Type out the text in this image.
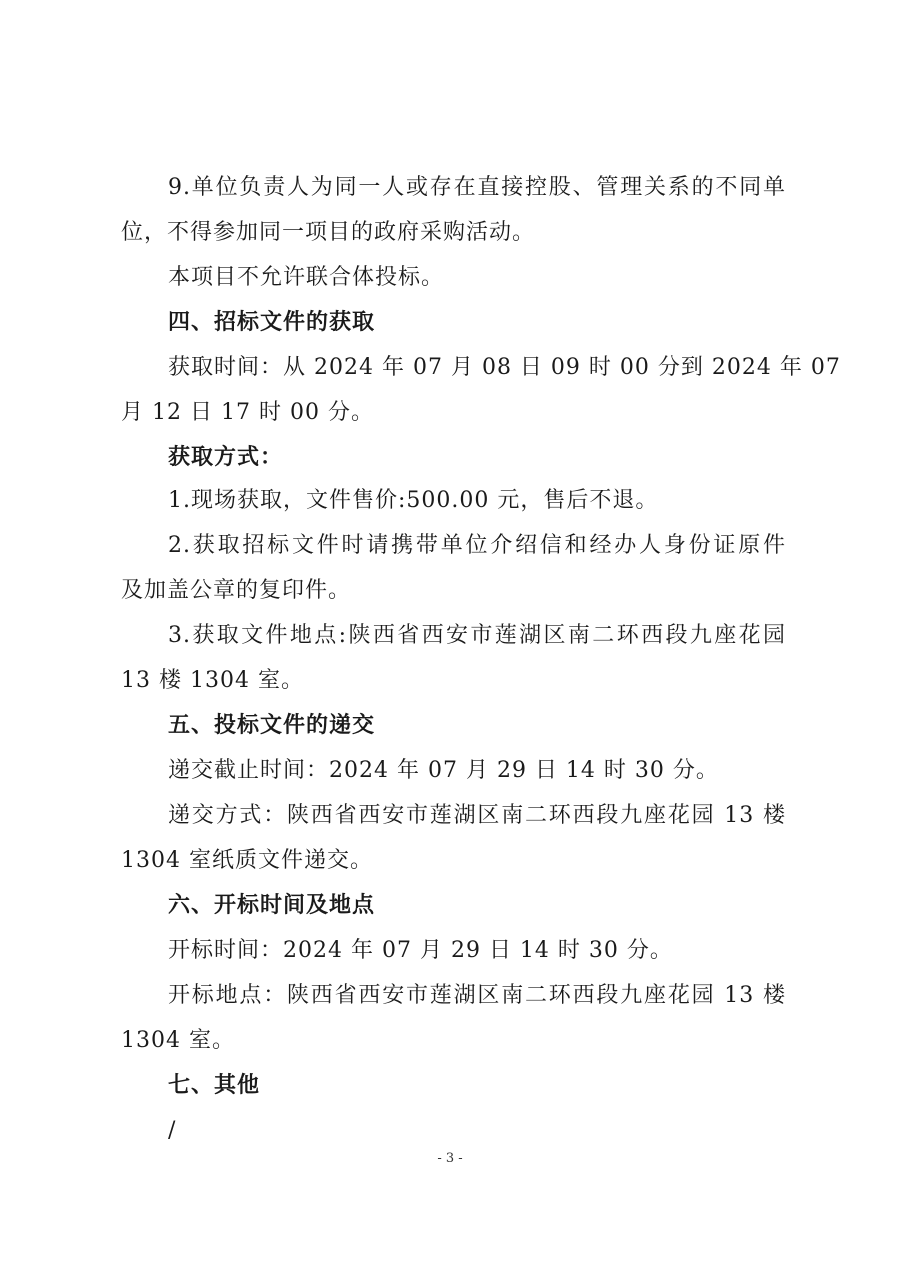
9.单位负责人为同一人或存在直接控股、管理关系的不同单
位，不得参加同一项目的政府采购活动。
本项目不允许联合体投标。
四、招标文件的获取
获取时间：从 2024 年 07 月 08 日 09 时 00 分到 2024 年 07
月 12 日 17 时 00 分。
获取方式：
1.现场获取，文件售价:500.00 元，售后不退。
2.获取招标文件时请携带单位介绍信和经办人身份证原件
及加盖公章的复印件。
3.获取文件地点:陕西省西安市莲湖区南二环西段九座花园
13 楼 1304 室。
五、投标文件的递交
递交截止时间：2024 年 07 月 29 日 14 时 30 分。
递交方式：陕西省西安市莲湖区南二环西段九座花园 13 楼
1304 室纸质文件递交。
六、开标时间及地点
开标时间：2024 年 07 月 29 日 14 时 30 分。
开标地点：陕西省西安市莲湖区南二环西段九座花园 13 楼
1304 室。
七、其他
/
- 3 -
